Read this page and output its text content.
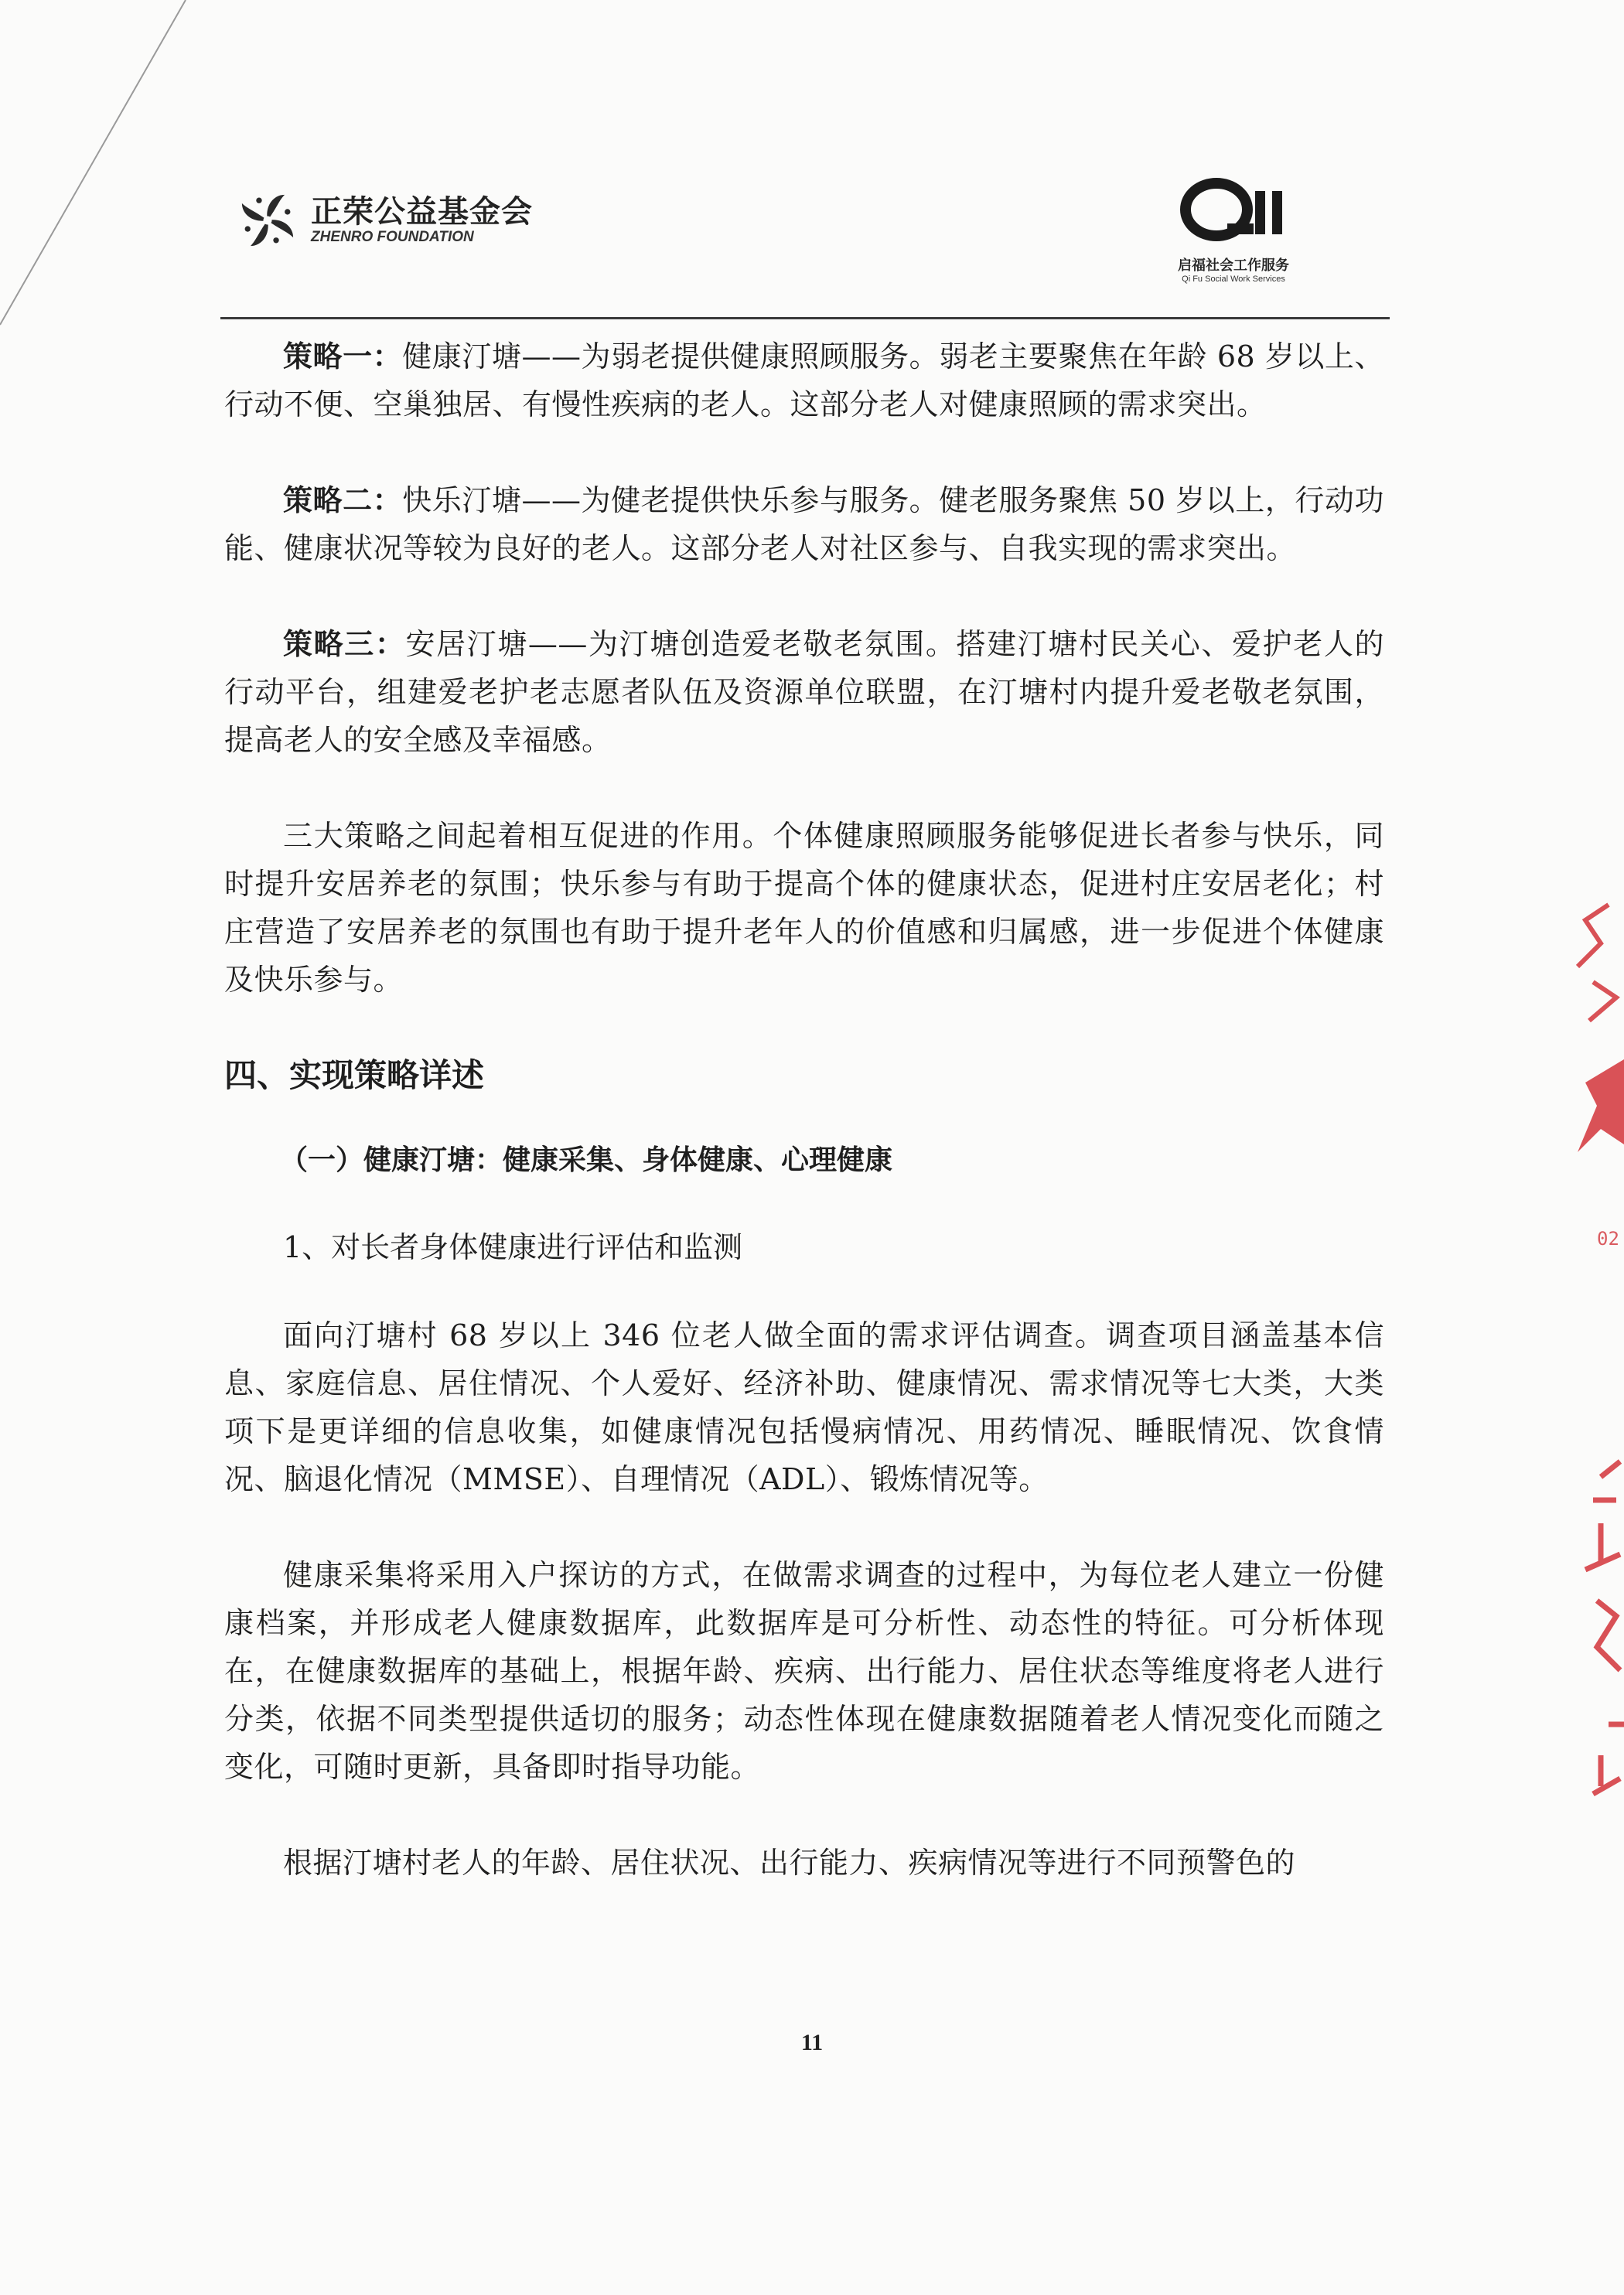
正荣公益基金会
ZHENRO FOUNDATION
启福社会工作服务
Qi Fu Social Work Services

策略一：健康汀塘——为弱老提供健康照顾服务。弱老主要聚焦在年龄 68 岁以上、行动不便、空巢独居、有慢性疾病的老人。这部分老人对健康照顾的需求突出。

策略二：快乐汀塘——为健老提供快乐参与服务。健老服务聚焦 50 岁以上，行动功能、健康状况等较为良好的老人。这部分老人对社区参与、自我实现的需求突出。

策略三：安居汀塘——为汀塘创造爱老敬老氛围。搭建汀塘村民关心、爱护老人的行动平台，组建爱老护老志愿者队伍及资源单位联盟，在汀塘村内提升爱老敬老氛围，提高老人的安全感及幸福感。

三大策略之间起着相互促进的作用。个体健康照顾服务能够促进长者参与快乐，同时提升安居养老的氛围；快乐参与有助于提高个体的健康状态，促进村庄安居老化；村庄营造了安居养老的氛围也有助于提升老年人的价值感和归属感，进一步促进个体健康及快乐参与。

四、实现策略详述
（一）健康汀塘：健康采集、身体健康、心理健康
1、对长者身体健康进行评估和监测

面向汀塘村 68 岁以上 346 位老人做全面的需求评估调查。调查项目涵盖基本信息、家庭信息、居住情况、个人爱好、经济补助、健康情况、需求情况等七大类，大类项下是更详细的信息收集，如健康情况包括慢病情况、用药情况、睡眠情况、饮食情况、脑退化情况（MMSE）、自理情况（ADL）、锻炼情况等。

健康采集将采用入户探访的方式，在做需求调查的过程中，为每位老人建立一份健康档案，并形成老人健康数据库，此数据库是可分析性、动态性的特征。可分析体现在，在健康数据库的基础上，根据年龄、疾病、出行能力、居住状态等维度将老人进行分类，依据不同类型提供适切的服务；动态性体现在健康数据随着老人情况变化而随之变化，可随时更新，具备即时指导功能。

根据汀塘村老人的年龄、居住状况、出行能力、疾病情况等进行不同预警色的

11
02
